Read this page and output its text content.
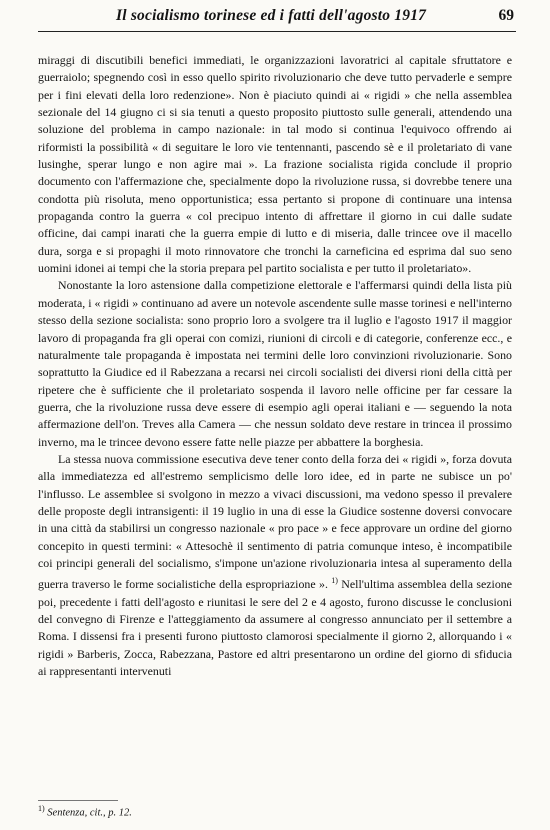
Il socialismo torinese ed i fatti dell'agosto 1917	69

miraggi di discutibili benefici immediati, le organizzazioni lavoratrici al capitale sfruttatore e guerraiolo; spegnendo così in esso quello spirito rivoluzionario che deve tutto pervaderle e sempre per i fini elevati della loro redenzione». Non è piaciuto quindi ai « rigidi » che nella assemblea sezionale del 14 giugno ci si sia tenuti a questo proposito piuttosto sulle generali, attendendo una soluzione del problema in campo nazionale: in tal modo si continua l'equivoco offrendo ai riformisti la possibilità « di seguitare le loro vie tentennanti, pascendo sè e il proletariato di vane lusinghe, sperar lungo e non agire mai ». La frazione socialista rigida conclude il proprio documento con l'affermazione che, specialmente dopo la rivoluzione russa, si dovrebbe tenere una condotta più risoluta, meno opportunistica; essa pertanto si propone di continuare una intensa propaganda contro la guerra « col precipuo intento di affrettare il giorno in cui dalle sudate officine, dai campi inarati che la guerra empie di lutto e di miseria, dalle trincee ove il macello dura, sorga e si propaghi il moto rinnovatore che tronchi la carneficina ed esprima dal suo seno uomini idonei ai tempi che la storia prepara pel partito socialista e per tutto il proletariato».

Nonostante la loro astensione dalla competizione elettorale e l'affermarsi quindi della lista più moderata, i « rigidi » continuano ad avere un notevole ascendente sulle masse torinesi e nell'interno stesso della sezione socialista: sono proprio loro a svolgere tra il luglio e l'agosto 1917 il maggior lavoro di propaganda fra gli operai con comizi, riunioni di circoli e di categorie, conferenze ecc., e naturalmente tale propaganda è impostata nei termini delle loro convinzioni rivoluzionarie. Sono soprattutto la Giudice ed il Rabezzana a recarsi nei circoli socialisti dei diversi rioni della città per ripetere che è sufficiente che il proletariato sospenda il lavoro nelle officine per far cessare la guerra, che la rivoluzione russa deve essere di esempio agli operai italiani e — seguendo la nota affermazione dell'on. Treves alla Camera — che nessun soldato deve restare in trincea il prossimo inverno, ma le trincee devono essere fatte nelle piazze per abbattere la borghesia.

La stessa nuova commissione esecutiva deve tener conto della forza dei « rigidi », forza dovuta alla immediatezza ed all'estremo semplicismo delle loro idee, ed in parte ne subisce un po' l'influsso. Le assemblee si svolgono in mezzo a vivaci discussioni, ma vedono spesso il prevalere delle proposte degli intransigenti: il 19 luglio in una di esse la Giudice sostenne doversi convocare in una città da stabilirsi un congresso nazionale « pro pace » e fece approvare un ordine del giorno concepito in questi termini: « Attesochè il sentimento di patria comunque inteso, è incompatibile coi principi generali del socialismo, s'impone un'azione rivoluzionaria intesa al superamento della guerra traverso le forme socialistiche della espropriazione ». $^{1)}$ Nell'ultima assemblea della sezione poi, precedente i fatti dell'agosto e riunitasi le sere del 2 e 4 agosto, furono discusse le conclusioni del convegno di Firenze e l'atteggiamento da assumere al congresso annunciato per il settembre a Roma. I dissensi fra i presenti furono piuttosto clamorosi specialmente il giorno 2, allorquando i « rigidi » Barberis, Zocca, Rabezzana, Pastore ed altri presentarono un ordine del giorno di sfiducia ai rappresentanti intervenuti

$^{1)}$ Sentenza, cit., p. 12.
